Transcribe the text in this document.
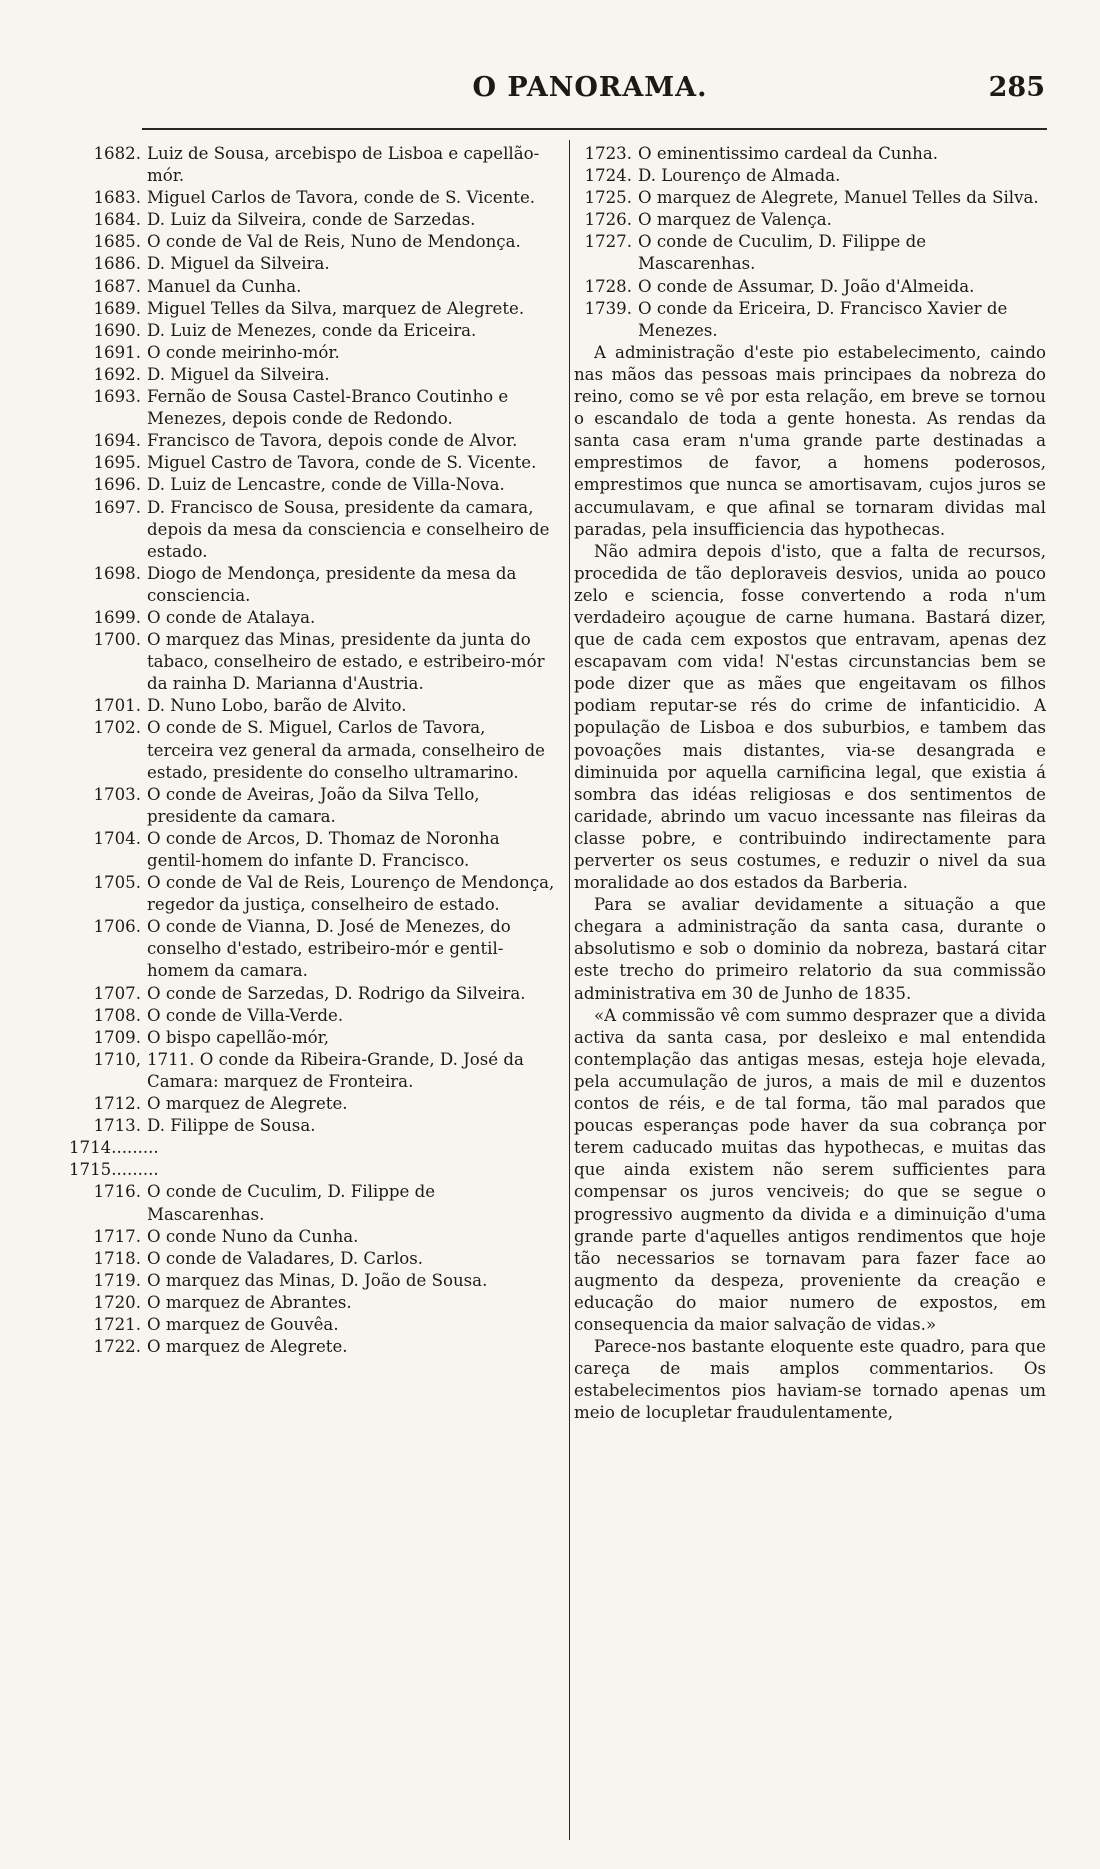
O PANORAMA.	285
1682. Luiz de Sousa, arcebispo de Lisboa e capellão-mór.
1683. Miguel Carlos de Tavora, conde de S. Vicente.
1684. D. Luiz da Silveira, conde de Sarzedas.
1685. O conde de Val de Reis, Nuno de Mendonça.
1686. D. Miguel da Silveira.
1687. Manuel da Cunha.
1689. Miguel Telles da Silva, marquez de Alegrete.
1690. D. Luiz de Menezes, conde da Ericeira.
1691. O conde meirinho-mór.
1692. D. Miguel da Silveira.
1693. Fernão de Sousa Castel-Branco Coutinho e Menezes, depois conde de Redondo.
1694. Francisco de Tavora, depois conde de Alvor.
1695. Miguel Castro de Tavora, conde de S. Vicente.
1696. D. Luiz de Lencastre, conde de Villa-Nova.
1697. D. Francisco de Sousa, presidente da camara, depois da mesa da consciencia e conselheiro de estado.
1698. Diogo de Mendonça, presidente da mesa da consciencia.
1699. O conde de Atalaya.
1700. O marquez das Minas, presidente da junta do tabaco, conselheiro de estado, e estribeiro-mór da rainha D. Marianna d'Austria.
1701. D. Nuno Lobo, barão de Alvito.
1702. O conde de S. Miguel, Carlos de Tavora, terceira vez general da armada, conselheiro de estado, presidente do conselho ultramarino.
1703. O conde de Aveiras, João da Silva Tello, presidente da camara.
1704. O conde de Arcos, D. Thomaz de Noronha gentil-homem do infante D. Francisco.
1705. O conde de Val de Reis, Lourenço de Mendonça, regedor da justiça, conselheiro de estado.
1706. O conde de Vianna, D. José de Menezes, do conselho d'estado, estribeiro-mór e gentil-homem da camara.
1707. O conde de Sarzedas, D. Rodrigo da Silveira.
1708. O conde de Villa-Verde.
1709. O bispo capellão-mór,
1710, 1711. O conde da Ribeira-Grande, D. José da Camara: marquez de Fronteira.
1712. O marquez de Alegrete.
1713. D. Filippe de Sousa.
1714.........
1715.........
1716. O conde de Cuculim, D. Filippe de Mascarenhas.
1717. O conde Nuno da Cunha.
1718. O conde de Valadares, D. Carlos.
1719. O marquez das Minas, D. João de Sousa.
1720. O marquez de Abrantes.
1721. O marquez de Gouvêa.
1722. O marquez de Alegrete.
1723. O eminentissimo cardeal da Cunha.
1724. D. Lourenço de Almada.
1725. O marquez de Alegrete, Manuel Telles da Silva.
1726. O marquez de Valença.
1727. O conde de Cuculim, D. Filippe de Mascarenhas.
1728. O conde de Assumar, D. João d'Almeida.
1739. O conde da Ericeira, D. Francisco Xavier de Menezes.
A administração d'este pio estabelecimento, caindo nas mãos das pessoas mais principaes da nobreza do reino, como se vê por esta relação, em breve se tornou o escandalo de toda a gente honesta. As rendas da santa casa eram n'uma grande parte destinadas a emprestimos de favor, a homens poderosos, emprestimos que nunca se amortisavam, cujos juros se accumulavam, e que afinal se tornaram dividas mal paradas, pela insufficiencia das hypothecas.
Não admira depois d'isto, que a falta de recursos, procedida de tão deploraveis desvios, unida ao pouco zelo e sciencia, fosse convertendo a roda n'um verdadeiro açougue de carne humana. Bastará dizer, que de cada cem expostos que entravam, apenas dez escapavam com vida! N'estas circunstancias bem se pode dizer que as mães que engeitavam os filhos podiam reputar-se rés do crime de infanticidio. A população de Lisboa e dos suburbios, e tambem das povoações mais distantes, via-se desangrada e diminuida por aquella carnificina legal, que existia á sombra das idéas religiosas e dos sentimentos de caridade, abrindo um vacuo incessante nas fileiras da classe pobre, e contribuindo indirectamente para perverter os seus costumes, e reduzir o nivel da sua moralidade ao dos estados da Barberia.
Para se avaliar devidamente a situação a que chegara a administração da santa casa, durante o absolutismo e sob o dominio da nobreza, bastará citar este trecho do primeiro relatorio da sua commissão administrativa em 30 de Junho de 1835.
«A commissão vê com summo desprazer que a divida activa da santa casa, por desleixo e mal entendida contemplação das antigas mesas, esteja hoje elevada, pela accumulação de juros, a mais de mil e duzentos contos de réis, e de tal forma, tão mal parados que poucas esperanças pode haver da sua cobrança por terem caducado muitas das hypothecas, e muitas das que ainda existem não serem sufficientes para compensar os juros venciveis; do que se segue o progressivo augmento da divida e a diminuição d'uma grande parte d'aquelles antigos rendimentos que hoje tão necessarios se tornavam para fazer face ao augmento da despeza, proveniente da creação e educação do maior numero de expostos, em consequencia da maior salvação de vidas.»
Parece-nos bastante eloquente este quadro, para que careça de mais amplos commentarios. Os estabelecimentos pios haviam-se tornado apenas um meio de locupletar fraudulentamente,
